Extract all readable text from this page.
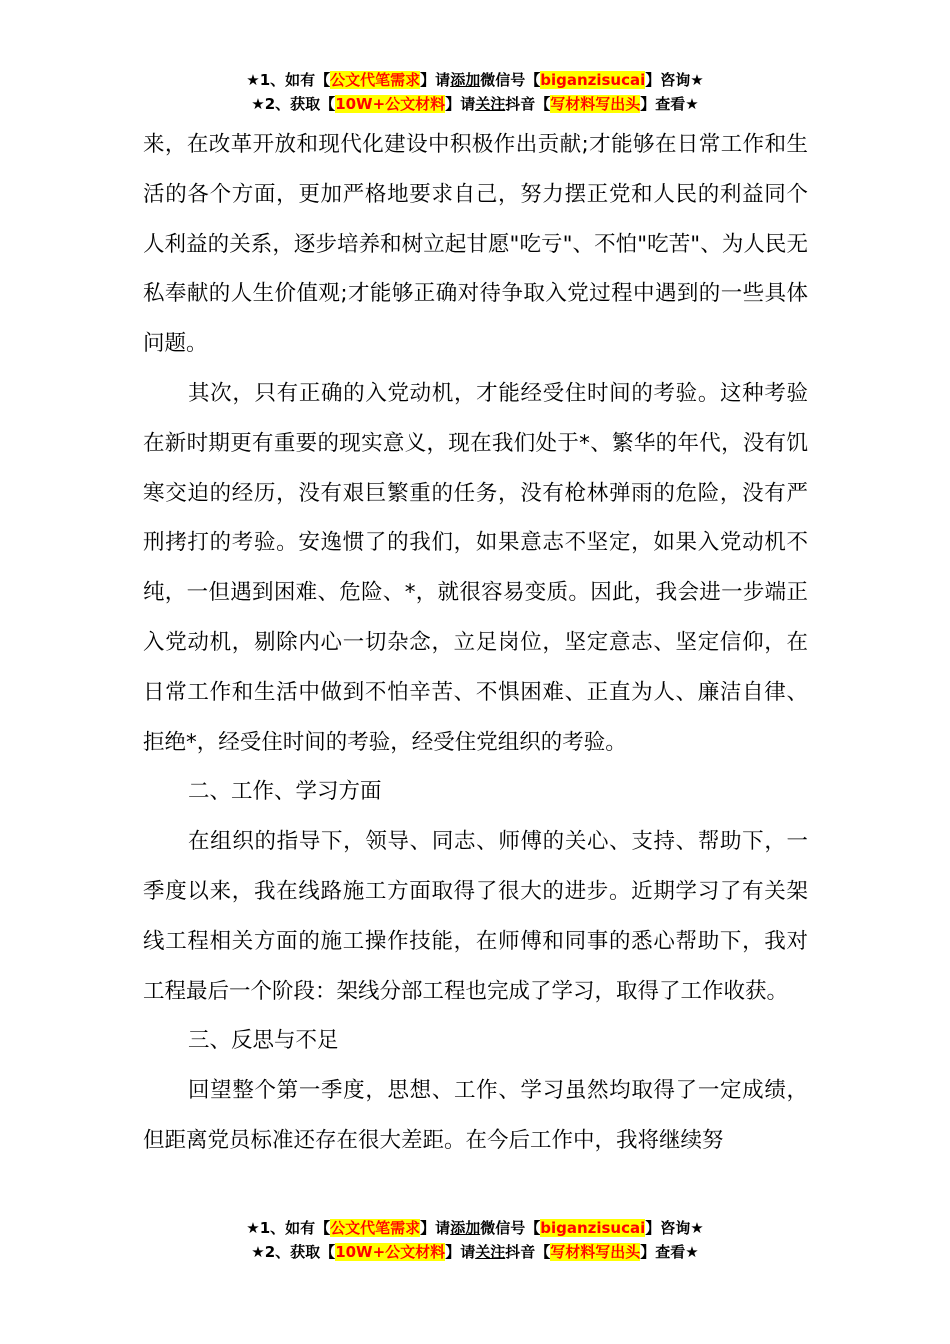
★1、如有【公文代笔需求】请添加微信号【biganzisucai】咨询★
★2、获取【10W+公文材料】请关注抖音【写材料写出头】查看★

来，在改革开放和现代化建设中积极作出贡献;才能够在日常工作和生活的各个方面，更加严格地要求自己，努力摆正党和人民的利益同个人利益的关系，逐步培养和树立起甘愿"吃亏"、不怕"吃苦"、为人民无私奉献的人生价值观;才能够正确对待争取入党过程中遇到的一些具体问题。

其次，只有正确的入党动机，才能经受住时间的考验。这种考验在新时期更有重要的现实意义，现在我们处于*、繁华的年代，没有饥寒交迫的经历，没有艰巨繁重的任务，没有枪林弹雨的危险，没有严刑拷打的考验。安逸惯了的我们，如果意志不坚定，如果入党动机不纯，一但遇到困难、危险、*，就很容易变质。因此，我会进一步端正入党动机，剔除内心一切杂念，立足岗位，坚定意志、坚定信仰，在日常工作和生活中做到不怕辛苦、不惧困难、正直为人、廉洁自律、拒绝*，经受住时间的考验，经受住党组织的考验。

二、工作、学习方面

在组织的指导下，领导、同志、师傅的关心、支持、帮助下，一季度以来，我在线路施工方面取得了很大的进步。近期学习了有关架线工程相关方面的施工操作技能，在师傅和同事的悉心帮助下，我对工程最后一个阶段：架线分部工程也完成了学习，取得了工作收获。

三、反思与不足

回望整个第一季度，思想、工作、学习虽然均取得了一定成绩，但距离党员标准还存在很大差距。在今后工作中，我将继续努

★1、如有【公文代笔需求】请添加微信号【biganzisucai】咨询★
★2、获取【10W+公文材料】请关注抖音【写材料写出头】查看★
